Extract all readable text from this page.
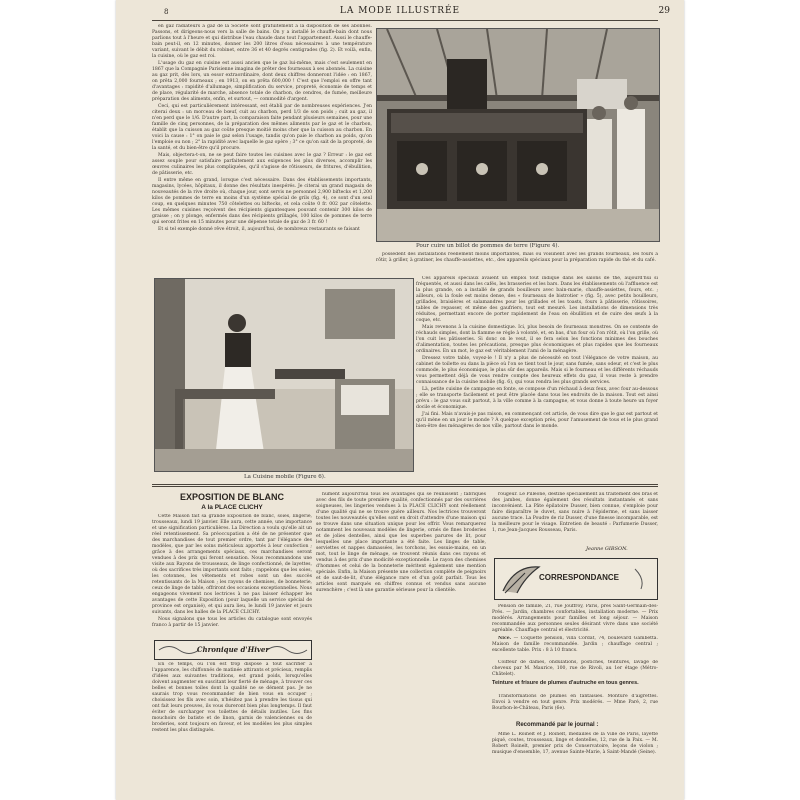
8	LA MODE ILLUSTRÉE	29

en gaz radiateurs à gaz de la Société sont gratuitement à la disposition de ses abonnés. Passons, et dirigeons-nous vers la salle de bains. On y a installé le chauffe-bain dont nous parlions tout à l'heure et qui distribue l'eau chaude dans tout l'appartement. Aussi le chauffe-bain peut-il, en 12 minutes, donner les 200 litres d'eau nécessaires à une température variant, suivant le débit du robinet, entre 36 et 40 degrés centigrades (fig. 2). Et voilà, enfin, la cuisine, où le gaz est roi.

L'usage du gaz en cuisine est aussi ancien que le gaz lui-même, mais c'est seulement en 1867 que la Compagnie Parisienne imagina de prêter des fourneaux à ses abonnés. La cuisine au gaz prit, dès lors, un essor extraordinaire, dont deux chiffres donneront l'idée : en 1867, on prêta 2,000 fourneaux ; en 1913, on en prêta 600,000 ! C'est que l'emploi en offre tant d'avantages : rapidité d'allumage, simplification du service, propreté, économie de temps et de place, régularité de marche, absence totale de charbon, de cendres, de fumée, meilleure préparation des aliments, enfin, et surtout, — commodité d'argent.

Ceci, qui est particulièrement intéressant, est établi par de nombreuses expériences. J'en citerai deux : un morceau de bœuf, cuit au charbon, perd 1/3 de son poids ; cuit au gaz, il n'en perd que le 1/6. D'autre part, la comparaison faite pendant plusieurs semaines, pour une famille de cinq personnes, de la préparation des mêmes aliments par le gaz et le charbon, établit que la cuisson au gaz coûte presque moitié moins cher que la cuisson au charbon. En voici la cause : 1° on paie le gaz selon l'usage, tandis qu'on paie le charbon au poids, qu'on l'emploie ou non ; 2° la rapidité avec laquelle le gaz opère ; 3° ce qu'on sait de la propreté, de la santé, et du bien-être qu'il procure.

Mais, objectera-t-on, ne se peut faire toutes les cuisines avec le gaz ? Erreur : le gaz est assez souple pour satisfaire parfaitement aux exigences les plus diverses, accomplir les œuvres culinaires les plus compliquées, qu'il s'agisse de rôtisseurs, de fritures, d'ébullition, de pâtisserie, etc.

Il entre même en grand, lorsque c'est nécessaire. Dans des établissements importants, magasins, lycées, hôpitaux, il donne des résultats inespérés. Je citerai un grand magasin de nouveautés de la rive droite où, chaque jour, sont servis ne personnel 2,900 biftecks et 1,200 kilos de pommes de terre en moins d'un système spécial de grils (fig. 4), ce sont d'un seul coup, en quelques minutes 750 côtelettes ou biftecks, et cela coûte 0 fr. 002 par côtelette. Les mêmes cuisines reçoivent des récipients gigantesques pouvant contenir 300 kilos de graisse ; on y plonge, enfermés dans des récipients grillagés, 100 kilos de pommes de terre qui seront frites en 15 minutes pour une dépense totale de gaz de 3 fr. 60 !

Et si tel exemple donné rêve étroit, il, aujourd'hui, de nombreux restaurants se faisant

Pour cuire un billot de pommes de terre (Figure 4).

possédent des installations réellement moins importantes, mais où voisinent avec les grands fourneaux, les fours à rôtir, à griller, à gratiner, les chauffe-assiettes, etc., des appareils spéciaux pour la préparation rapide du thé et du café.

La Cuisine mobile (Figure 6).

Ces appareils spéciaux avaient un emploi tout indiqué dans les salons de thé, aujourd'hui si fréquentés, et aussi dans les cafés, les brasseries et les bars. Dans les établissements où l'affluence est la plus grande, on a installé de grands bouilleurs avec bain-marie, chauffe-assiettes, fours, etc. ; ailleurs, où la foule est moins dense, des « fourneaux de bistrotier » (fig. 5), avec petits bouilleurs, grillades, braisières et salamandres pour les grillades et les toasts, fours à pâtisserie, rôtissoires, tables de repasser, et même des gaufriers, tout est mesuré. Les installations de dimensions très réduites, permettant encore de porter rapidement de l'eau en ébullition et de cuire des œufs à la coque, etc.

Mais revenons à la cuisine domestique. Ici, plus besoin de fourneaux monstres. On se contente de réchauds simples, dont la flamme se règle à volonté, et, en bas, d'un four où l'on rôtit, où l'on grille, où l'on cuit les pâtisseries. Si donc on le veut, il se fera selon les fonctions minimes des bouches d'alimentation, toutes les précautions, presque plus économiques et plus rapides que les fourneaux ordinaires. En un mot, le gaz est véritablement l'ami de la ménagère.

Dressez votre table, voyez-le ! Il n'y a plus de nécessité en tout l'élégance de votre maison, au cabinet de toilette ou dans la pièce où l'on se tient tout le jour, sans fumée, sans odeur, et c'est le plus commode, le plus économique, le plus sûr des appareils. Mais si le fourneau et les différents réchauds vous permettent déjà de vous rendre compte des heureux effets du gaz, il vous reste à prendre connaissance de la cuisine mobile (fig. 6), qui vous rendra les plus grands services.

Là, petite cuisine de campagne en fonte, se compose d'un réchaud à deux feux, avec four au-dessous ; elle se transporte facilement et peut être placée dans tous les endroits de la maison. Tout est ainsi prévu : le gaz vous suit partout, à la ville comme à la campagne, et vous donne à toute heure un foyer docile et économique.

J'ai fini. Mais n'avais-je pas raison, en commençant cet article, de vous dire que le gaz est partout et qu'il mène en un jour le monde ? À quelque exception près, pour l'amusement de tous et le plus grand bien-être des ménagères de nos ville, partout dans le monde.

EXPOSITION DE BLANC
A la PLACE CLICHY

Cette Maison fait sa grande Exposition de blanc, soies, lingerie, trousseaux, lundi 19 janvier. Elle aura, cette année, une importance et une signification particulières. La Direction a voulu qu'elle ait un réel retentissement. Sa préoccupation a été de ne présenter que des marchandises de tout premier ordre, tant par l'élégance des modèles, que par les soins méticuleux apportés à leur confection ; grâce à des arrangements spéciaux, ces marchandises seront vendues à des prix qui feront sensation. Nous recommandons une visite aux Rayons de trousseaux, de linge confectionné, de layettes, où des sacrifices très importants sont faits ; rappelons que les soies, les cotonnes, les vêtements et robes sont un des succès retentissants de la Maison ; les rayons de chemises, de bonneterie, ceux de linge de table, offriront des occasions exceptionnelles. Nous engageons vivement nos lectrices à ne pas laisser échapper les avantages de cette Exposition (pour laquelle un service spécial de province est organisé), et qui aura lieu, le lundi 19 janvier et jours suivants, dans les halles de la PLACE CLICHY.

Nous signalons que tous les articles du catalogue sont envoyés franco à partir de 15 janvier.

Chronique d'Hiver

En ce temps, où l'on est trop disposé à tout sacrifier à l'apparence, les chiffonnés de matinée attirants et précieux, remplis d'idées aux suivantes traditions, est grand poids, lorsqu'elles doivent augmenter en suscitant leur fierté de ménage, à trouver ces belles et bonnes toiles dont la qualité ne se dément pas. Je ne saurais trop vous recommander de bien vous en occuper ; choisissez les fils avec soin, n'hésitez pas à prendre les tissus qui ont fait leurs preuves, ils vous dureront bien plus longtemps. Il faut éviter de surcharger vos toilettes de détails inutiles. Les fins mouchoirs de batiste et de linon, garnis de valenciennes ou de broderies, sont toujours en faveur, et les modèles les plus simples restent les plus distingués.

hument aujourd'hui tous les avantages qui se réunissent ; fabriqués avec des fils de toute première qualité, confectionnés par des ouvrières soigneuses, les lingeries vendues à la PLACE CLICHY sont réellement d'une qualité qui ne se trouve guère ailleurs. Nos lectrices trouveront toutes les nouveautés qu'elles sont en droit d'attendre d'une maison qui se trouve dans une situation unique pour les offrir. Vous remarquerez notamment les nouveaux modèles de lingerie, ornés de fines broderies et de jolies dentelles, ainsi que les superbes parures de lit, pour lesquelles une place importante a été faite. Les linges de table, serviettes et nappes damassées, les torchons, les essuie-mains, en un mot, tout le linge de ménage, se trouvent réunis dans ces rayons et vendus à des prix d'une modicité exceptionnelle. Le rayon des chemises d'hommes et celui de la bonneterie méritent également une mention spéciale. Enfin, la Maison présente une collection complète de peignoirs et de saut-de-lit, d'une élégance rare et d'un goût parfait. Tous les articles sont marqués en chiffres connus et vendus sans aucune surenchère ; c'est là une garantie sérieuse pour la clientèle.

rougeur. Le Pilléoné, destiné spécialement au traitement des bras et des jambes, donne également des résultats instantanés et sans inconvénient. La Pâte épilatoire Dusser, bien connue, s'emploie pour faire disparaître le duvet, sans nuire à l'épiderme, et sans laisser aucune trace. La Poudre de riz Dusser, d'une finesse incomparable, est la meilleure pour le visage. Entretien de beauté : Parfumerie Dusser, 1, rue Jean-Jacques Rousseau, Paris.

Jeanne GIBSON.
CORRESPONDANCE

Pension de famille, 21, rue Jouffroy, Paris, près Saint-Germain-des-Prés. — Jardin, chambres confortables, installation moderne. — Prix modérés. Arrangements pour familles et long séjour. — Maison recommandée aux personnes seules désirant vivre dans une société agréable. Chauffage central et électricité.

Nice. — Coquette pension, villa Cordat, 74, boulevard Gambetta. Maison de famille recommandée. Jardin ; chauffage central ; excellente table. Prix : 8 à 10 francs.

Coiffeur de dames, ondulations, postiches, teintures, lavage de cheveux par M. Maurice, 100, rue de Rivoli, au 1er étage (Métro-Châtelet).

Teinture et frisure de plumes d'autruche en tous genres.

Transformations de plumes en fantaisies. Monture d'aigrettes. Envoi à vendre en tout genre. Prix modérés. — Mme Paré, 2, rue Bourbon-le-Château, Paris (6e).

Recommandé par le journal :

Mme L. Roinelt et J. Roinelt, médaillés de la Ville de Paris, layette piqué, coutes, trousseaux, linge et dentelles, 12, rue de la Paix. — M. Robert Roinelt, premier prix de Conservatoire, leçons de violon ; musique d'ensemble, 17, avenue Sainte-Marie, à Saint-Mandé (Seine).
